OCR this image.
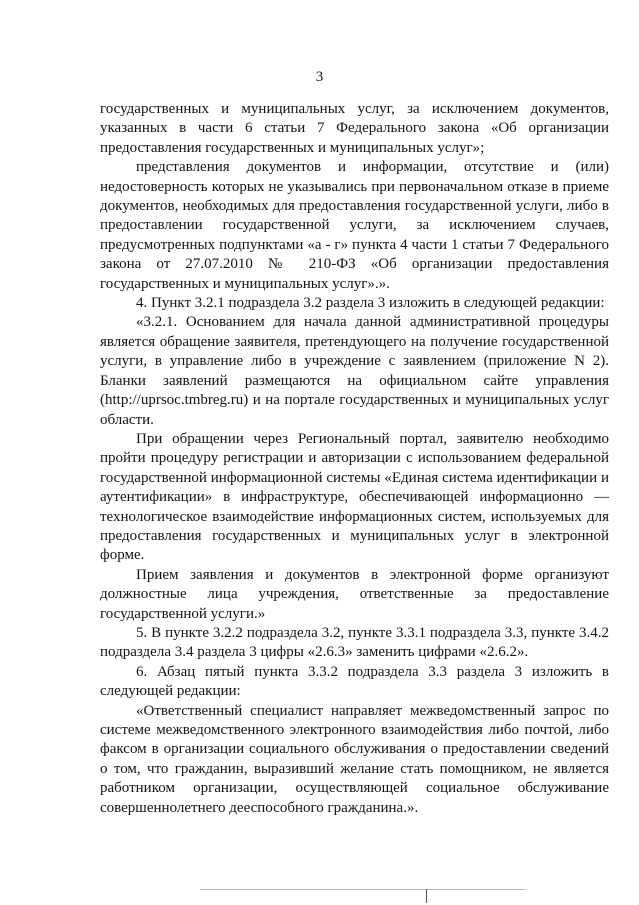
3

государственных и муниципальных услуг, за исключением документов, указанных в части 6 статьи 7 Федерального закона «Об организации предоставления государственных и муниципальных услуг»;

представления документов и информации, отсутствие и (или) недостоверность которых не указывались при первоначальном отказе в приеме документов, необходимых для предоставления государственной услуги, либо в предоставлении государственной услуги, за исключением случаев, предусмотренных подпунктами «а - г» пункта 4 части 1 статьи 7 Федерального закона от 27.07.2010 № 210-ФЗ «Об организации предоставления государственных и муниципальных услуг».».

4. Пункт 3.2.1 подраздела 3.2 раздела 3 изложить в следующей редакции:

«3.2.1. Основанием для начала данной административной процедуры является обращение заявителя, претендующего на получение государственной услуги, в управление либо в учреждение с заявлением (приложение N 2). Бланки заявлений размещаются на официальном сайте управления (http://uprsoc.tmbreg.ru) и на портале государственных и муниципальных услуг области.

При обращении через Региональный портал, заявителю необходимо пройти процедуру регистрации и авторизации с использованием федеральной государственной информационной системы «Единая система идентификации и аутентификации» в инфраструктуре, обеспечивающей информационно — технологическое взаимодействие информационных систем, используемых для предоставления государственных и муниципальных услуг в электронной форме.

Прием заявления и документов в электронной форме организуют должностные лица учреждения, ответственные за предоставление государственной услуги.»

5. В пункте 3.2.2 подраздела 3.2, пункте 3.3.1 подраздела 3.3, пункте 3.4.2 подраздела 3.4 раздела 3 цифры «2.6.3» заменить цифрами «2.6.2».

6. Абзац пятый пункта 3.3.2 подраздела 3.3 раздела 3 изложить в следующей редакции:

«Ответственный специалист направляет межведомственный запрос по системе межведомственного электронного взаимодействия либо почтой, либо факсом в организации социального обслуживания о предоставлении сведений о том, что гражданин, выразивший желание стать помощником, не является работником организации, осуществляющей социальное обслуживание совершеннолетнего дееспособного гражданина.».
